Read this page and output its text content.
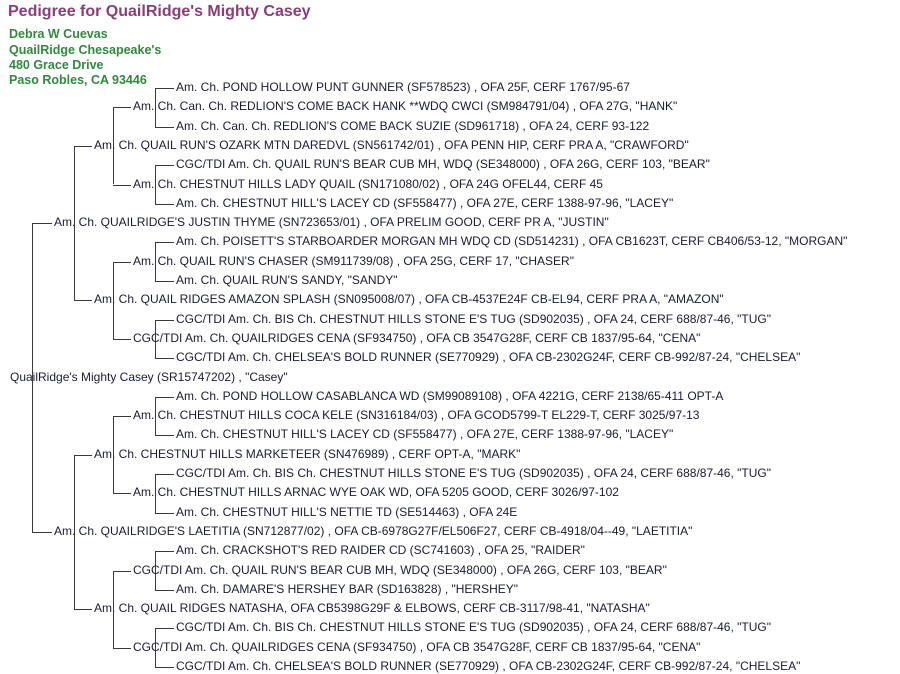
Pedigree for QuailRidge's Mighty Casey
Debra W Cuevas
QuailRidge Chesapeake's
480 Grace Drive
Paso Robles, CA 93446 Am. Ch. POND HOLLOW PUNT GUNNER (SF578523) , OFA 25F, CERF 1767/95-67
Am. Ch. Can. Ch. REDLION'S COME BACK HANK **WDQ CWCI (SM984791/04) , OFA 27G, "HANK"
Am. Ch. Can. Ch. REDLION'S COME BACK SUZIE (SD961718) , OFA 24, CERF 93-122
Am. Ch. QUAIL RUN'S OZARK MTN DAREDVL (SN561742/01) , OFA PENN HIP, CERF PRA A, "CRAWFORD"
CGC/TDI Am. Ch. QUAIL RUN'S BEAR CUB MH, WDQ (SE348000) , OFA 26G, CERF 103, "BEAR"
Am. Ch. CHESTNUT HILLS LADY QUAIL (SN171080/02) , OFA 24G OFEL44, CERF 45
Am. Ch. CHESTNUT HILL'S LACEY CD (SF558477) , OFA 27E, CERF 1388-97-96, "LACEY"
Am. Ch. QUAILRIDGE'S JUSTIN THYME (SN723653/01) , OFA PRELIM GOOD, CERF PR A, "JUSTIN"
Am. Ch. POISETT'S STARBOARDER MORGAN MH WDQ CD (SD514231) , OFA CB1623T, CERF CB406/53-12, "MORGAN"
Am. Ch. QUAIL RUN'S CHASER (SM911739/08) , OFA 25G, CERF 17, "CHASER"
Am. Ch. QUAIL RUN'S SANDY, "SANDY"
Am. Ch. QUAIL RIDGES AMAZON SPLASH (SN095008/07) , OFA CB-4537E24F CB-EL94, CERF PRA A, "AMAZON"
CGC/TDI Am. Ch. BIS Ch. CHESTNUT HILLS STONE E'S TUG (SD902035) , OFA 24, CERF 688/87-46, "TUG"
CGC/TDI Am. Ch. QUAILRIDGES CENA (SF934750) , OFA CB 3547G28F, CERF CB 1837/95-64, "CENA"
CGC/TDI Am. Ch. CHELSEA'S BOLD RUNNER (SE770929) , OFA CB-2302G24F, CERF CB-992/87-24, "CHELSEA"
QuailRidge's Mighty Casey (SR15747202) , "Casey"
Am. Ch. POND HOLLOW CASABLANCA WD (SM99089108) , OFA 4221G, CERF 2138/65-411 OPT-A
Am. Ch. CHESTNUT HILLS COCA KELE (SN316184/03) , OFA GCOD5799-T EL229-T, CERF 3025/97-13
Am. Ch. CHESTNUT HILL'S LACEY CD (SF558477) , OFA 27E, CERF 1388-97-96, "LACEY"
Am. Ch. CHESTNUT HILLS MARKETEER (SN476989) , CERF OPT-A, "MARK"
CGC/TDI Am. Ch. BIS Ch. CHESTNUT HILLS STONE E'S TUG (SD902035) , OFA 24, CERF 688/87-46, "TUG"
Am. Ch. CHESTNUT HILLS ARNAC WYE OAK WD, OFA 5205 GOOD, CERF 3026/97-102
Am. Ch. CHESTNUT HILL'S NETTIE TD (SE514463) , OFA 24E
Am. Ch. QUAILRIDGE'S LAETITIA (SN712877/02) , OFA CB-6978G27F/EL506F27, CERF CB-4918/04--49, "LAETITIA"
Am. Ch. CRACKSHOT'S RED RAIDER CD (SC741603) , OFA 25, "RAIDER"
CGC/TDI Am. Ch. QUAIL RUN'S BEAR CUB MH, WDQ (SE348000) , OFA 26G, CERF 103, "BEAR"
Am. Ch. DAMARE'S HERSHEY BAR (SD163828) , "HERSHEY"
Am. Ch. QUAIL RIDGES NATASHA, OFA CB5398G29F & ELBOWS, CERF CB-3117/98-41, "NATASHA"
CGC/TDI Am. Ch. BIS Ch. CHESTNUT HILLS STONE E'S TUG (SD902035) , OFA 24, CERF 688/87-46, "TUG"
CGC/TDI Am. Ch. QUAILRIDGES CENA (SF934750) , OFA CB 3547G28F, CERF CB 1837/95-64, "CENA"
CGC/TDI Am. Ch. CHELSEA'S BOLD RUNNER (SE770929) , OFA CB-2302G24F, CERF CB-992/87-24, "CHELSEA"
